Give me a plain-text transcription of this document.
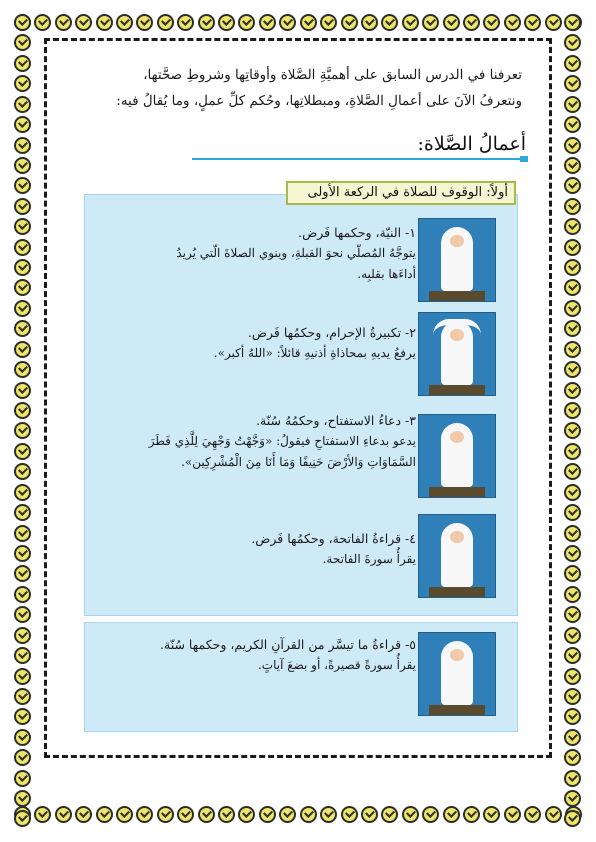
تعرفنا في الدرس السابق على أهميَّةِ الصَّلاة وأوقاتِها وشروطِ صحَّتها،
ونتعرفُ الآنَ على أعمالِ الصَّلاةِ، ومبطلاتِها، وحُكم كلِّ عملٍ، وما يُقالُ فيه:
أعمالُ الصَّلاة:
أولاً: الوقوف للصلاة في الركعة الأولى
١- النيّة، وحكمها فَرض.
يتوجَّهُ المُصلّي نحوَ القبلةِ، وينوي الصلاةَ الّتي يُريدُ
أداءَها بقلبِه.
٢- تكبيرةُ الإحرام، وحكمُها فَرض.
يرفعُ يديهِ بمحاذاةِ أذنيهِ قائلاً: «اللهُ أكبر».
٣- دعاءُ الاستفتاح، وحكمُهُ سُنّة.
يدعو بدعاءِ الاستفتاحِ فيقولُ: «وَجَّهْتُ وَجْهِيَ لِلَّذِي فَطَرَ
السَّمَاوَاتِ وَالأرْضَ حَنِيفًا وَمَا أَنَا مِنَ الْمُشْرِكِين».
٤- قراءةُ الفاتحة، وحكمُها فَرض.
يقرأُ سورةَ الفاتحة.
٥- قراءةُ ما تيسَّر من القرآنِ الكريم، وحكمها سُنّة.
يقرأُ سورةً قصيرةً، أو بضعَ آياتٍ.
